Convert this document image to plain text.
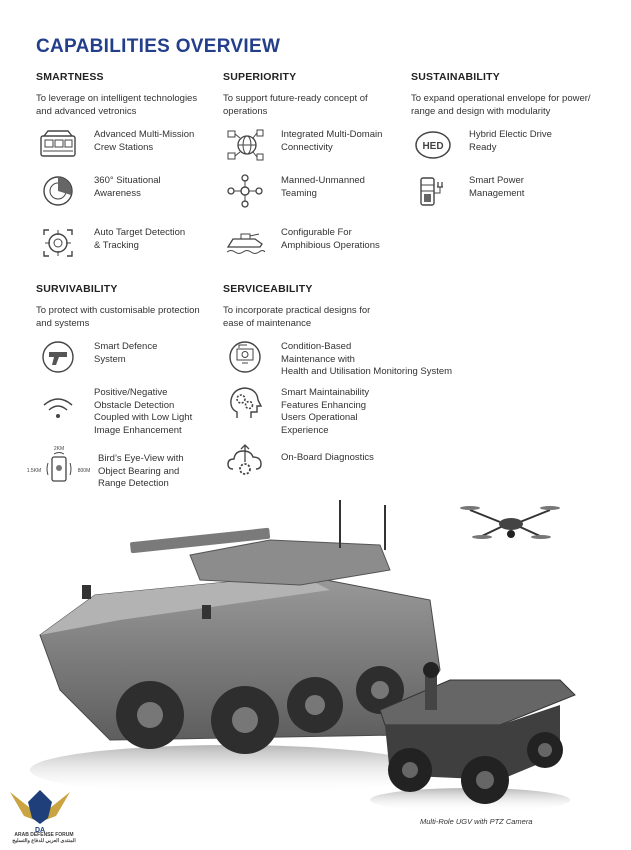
CAPABILITIES OVERVIEW
SMARTNESS
To leverage on intelligent technologies
and advanced vetronics
Advanced Multi-Mission
Crew Stations
360° Situational
Awareness
Auto Target Detection
& Tracking
SUPERIORITY
To support future-ready concept of
operations
Integrated Multi-Domain
Connectivity
Manned-Unmanned
Teaming
Configurable For
Amphibious Operations
SUSTAINABILITY
To expand operational envelope for power/
range and design with modularity
HED
Hybrid Electic Drive
Ready
Smart Power
Management
SURVIVABILITY
To protect with customisable protection
and systems
Smart Defence
System
Positive/Negative
Obstacle Detection
Coupled with Low Light
Image Enhancement
2KM
1.5KM	800M
Bird’s Eye-View with
Object Bearing and
Range Detection
SERVICEABILITY
To incorporate practical designs for
ease of maintenance
Condition-Based
Maintenance with
Health and Utilisation Monitoring System
Smart Maintainability
Features Enhancing
Users Operational
Experience
On-Board Diagnostics
Multi-Role UGV with PTZ Camera
DA
ARAB DEFENSE FORUM
المنتدى العربي للدفاع والتسليح
